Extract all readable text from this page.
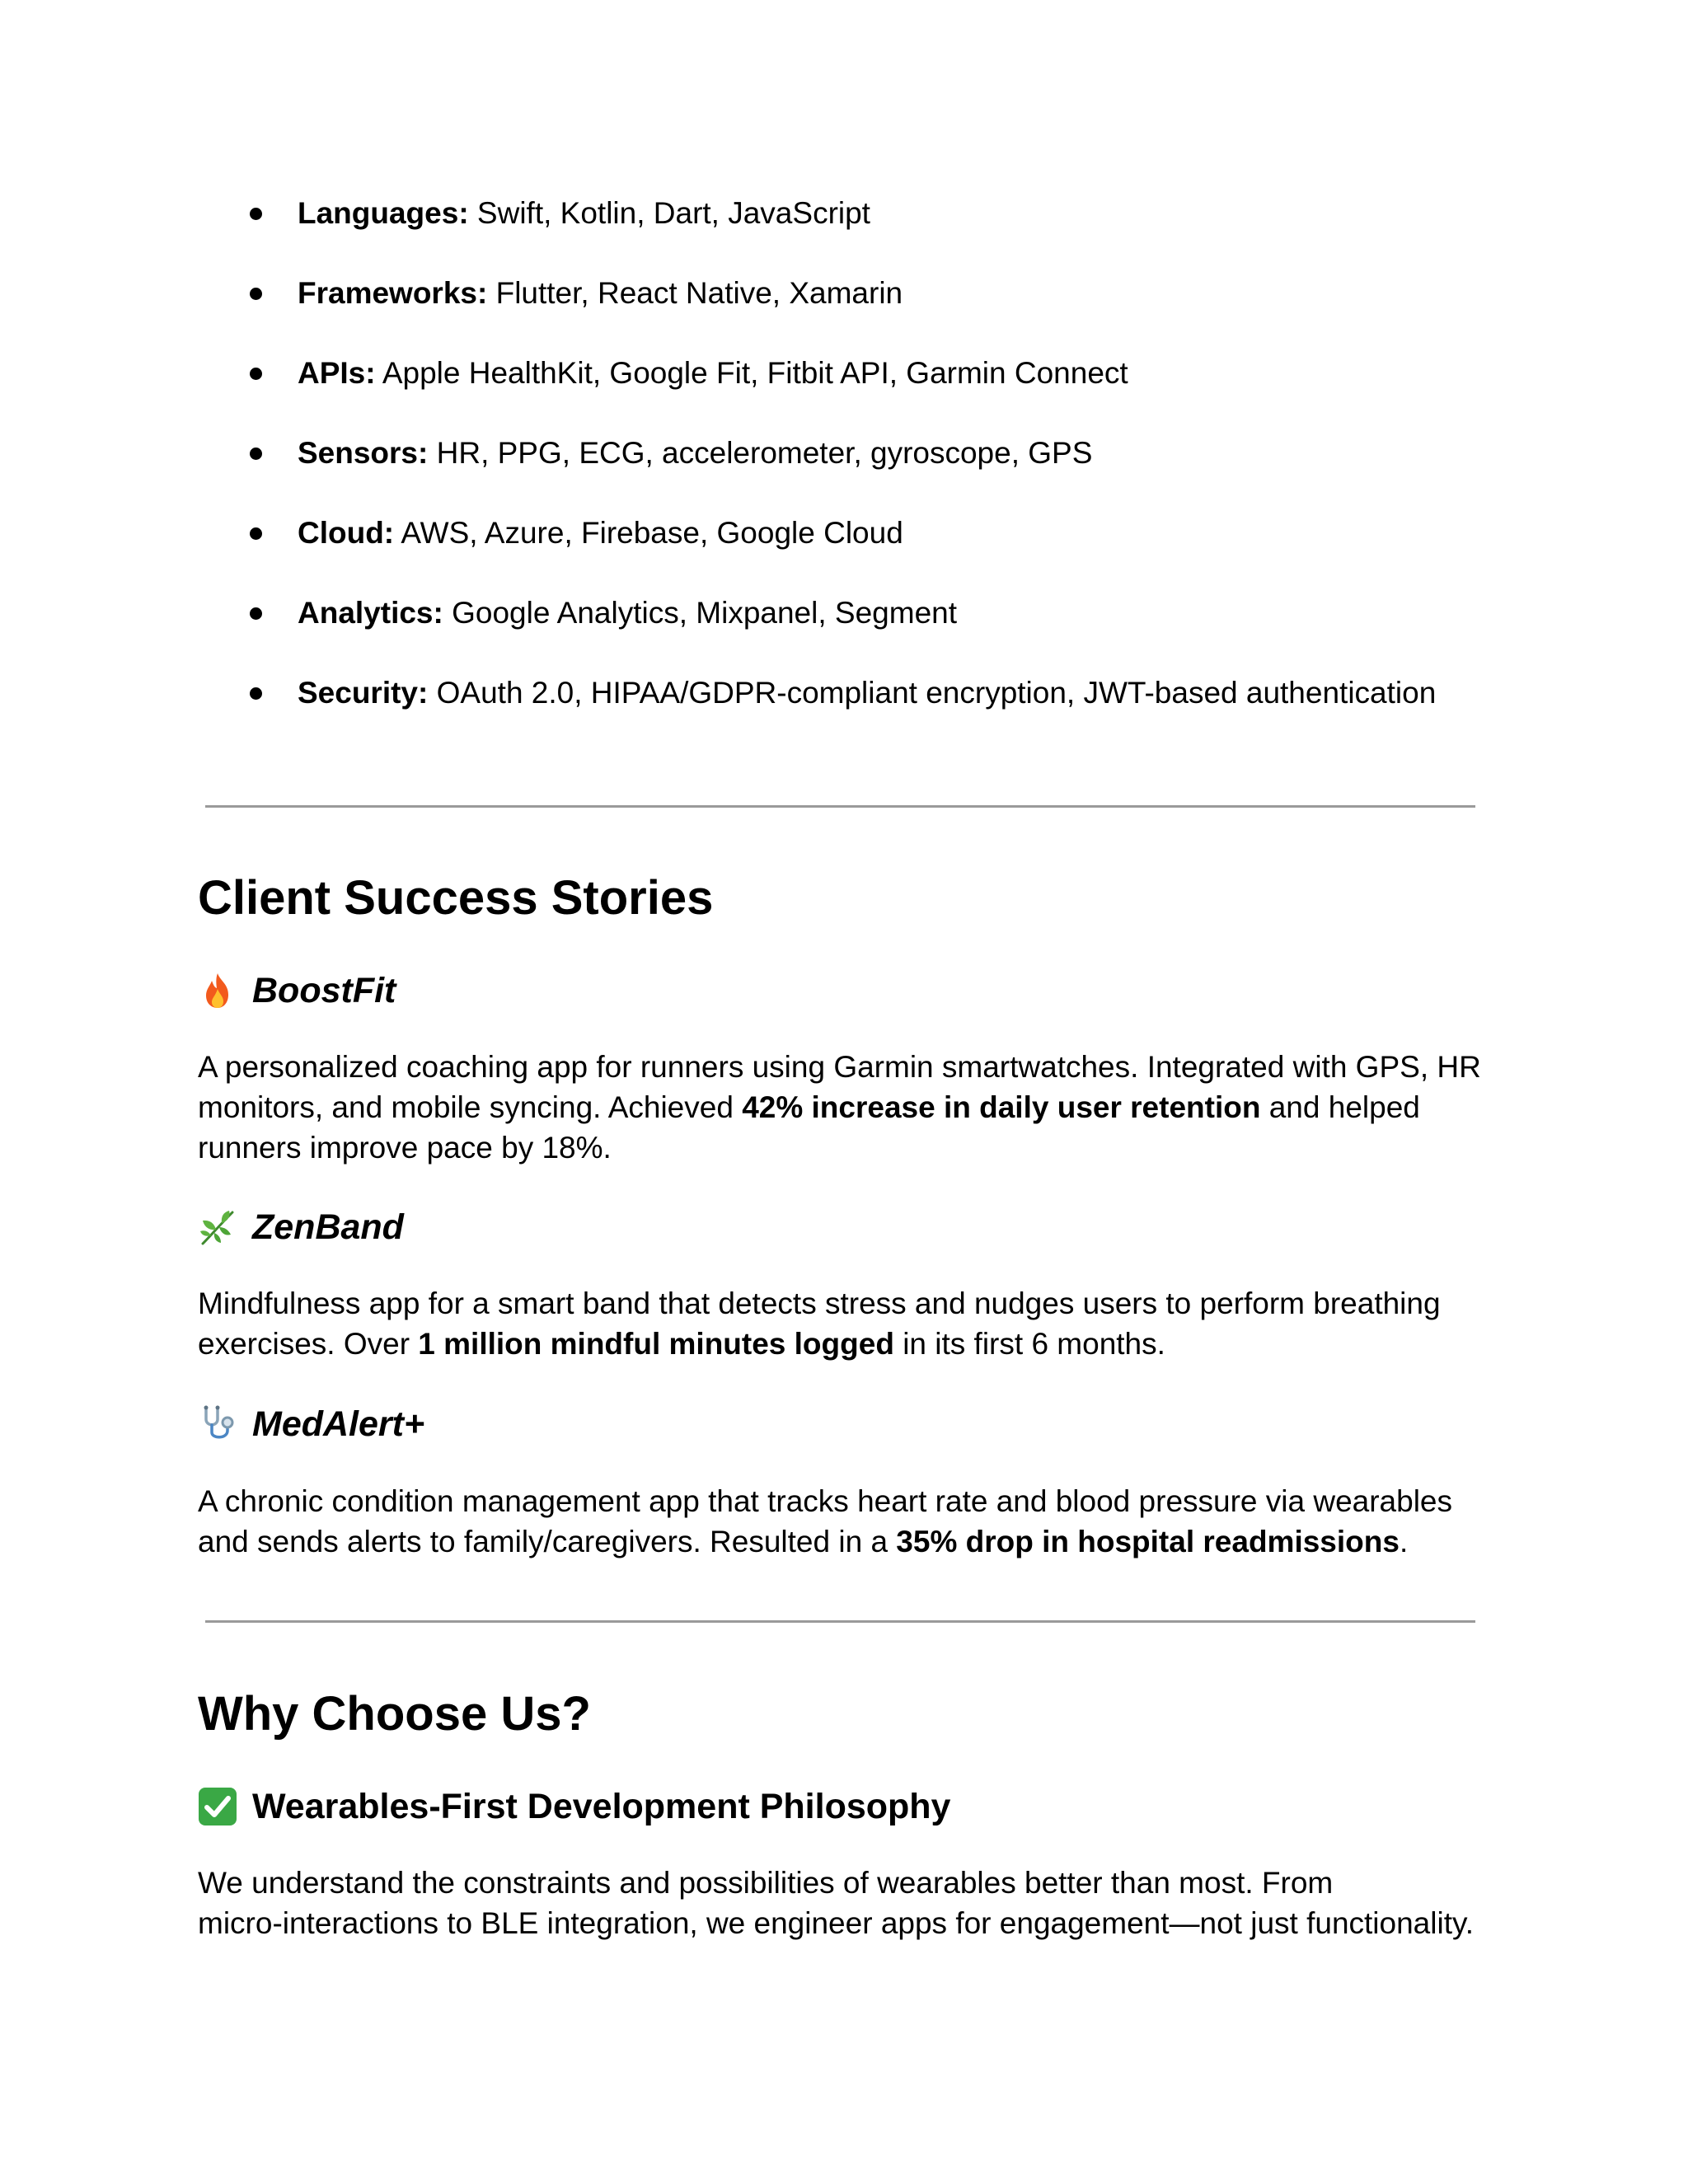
Languages: Swift, Kotlin, Dart, JavaScript
Frameworks: Flutter, React Native, Xamarin
APIs: Apple HealthKit, Google Fit, Fitbit API, Garmin Connect
Sensors: HR, PPG, ECG, accelerometer, gyroscope, GPS
Cloud: AWS, Azure, Firebase, Google Cloud
Analytics: Google Analytics, Mixpanel, Segment
Security: OAuth 2.0, HIPAA/GDPR-compliant encryption, JWT-based authentication
Client Success Stories
BoostFit

A personalized coaching app for runners using Garmin smartwatches. Integrated with GPS, HR monitors, and mobile syncing. Achieved 42% increase in daily user retention and helped runners improve pace by 18%.

ZenBand

Mindfulness app for a smart band that detects stress and nudges users to perform breathing exercises. Over 1 million mindful minutes logged in its first 6 months.

MedAlert+

A chronic condition management app that tracks heart rate and blood pressure via wearables and sends alerts to family/caregivers. Resulted in a 35% drop in hospital readmissions.

Why Choose Us?
Wearables-First Development Philosophy

We understand the constraints and possibilities of wearables better than most. From
micro-interactions to BLE integration, we engineer apps for engagement—not just functionality.
